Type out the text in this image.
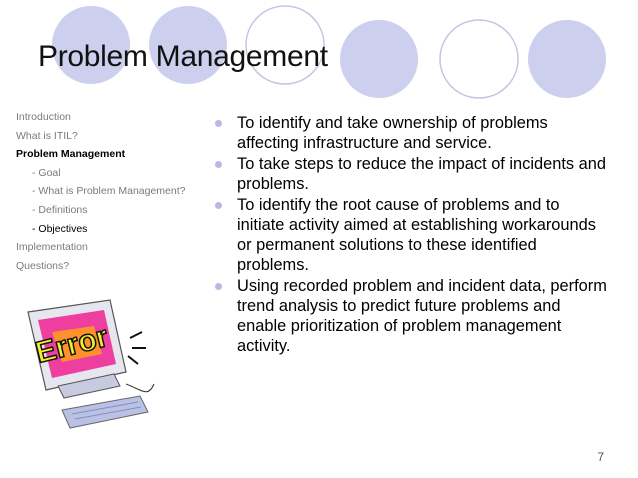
Problem Management
Introduction
What is ITIL?
Problem Management
- Goal
- What is Problem Management?
- Definitions
- Objectives
Implementation
Questions?
To identify and take ownership of problems affecting infrastructure and service.
To take steps to reduce the impact of incidents and problems.
To identify the root cause of problems and to initiate activity aimed at establishing workarounds or permanent solutions to these identified problems.
Using recorded problem and incident data, perform trend analysis to predict future problems and enable prioritization of problem management activity.
Error
7
